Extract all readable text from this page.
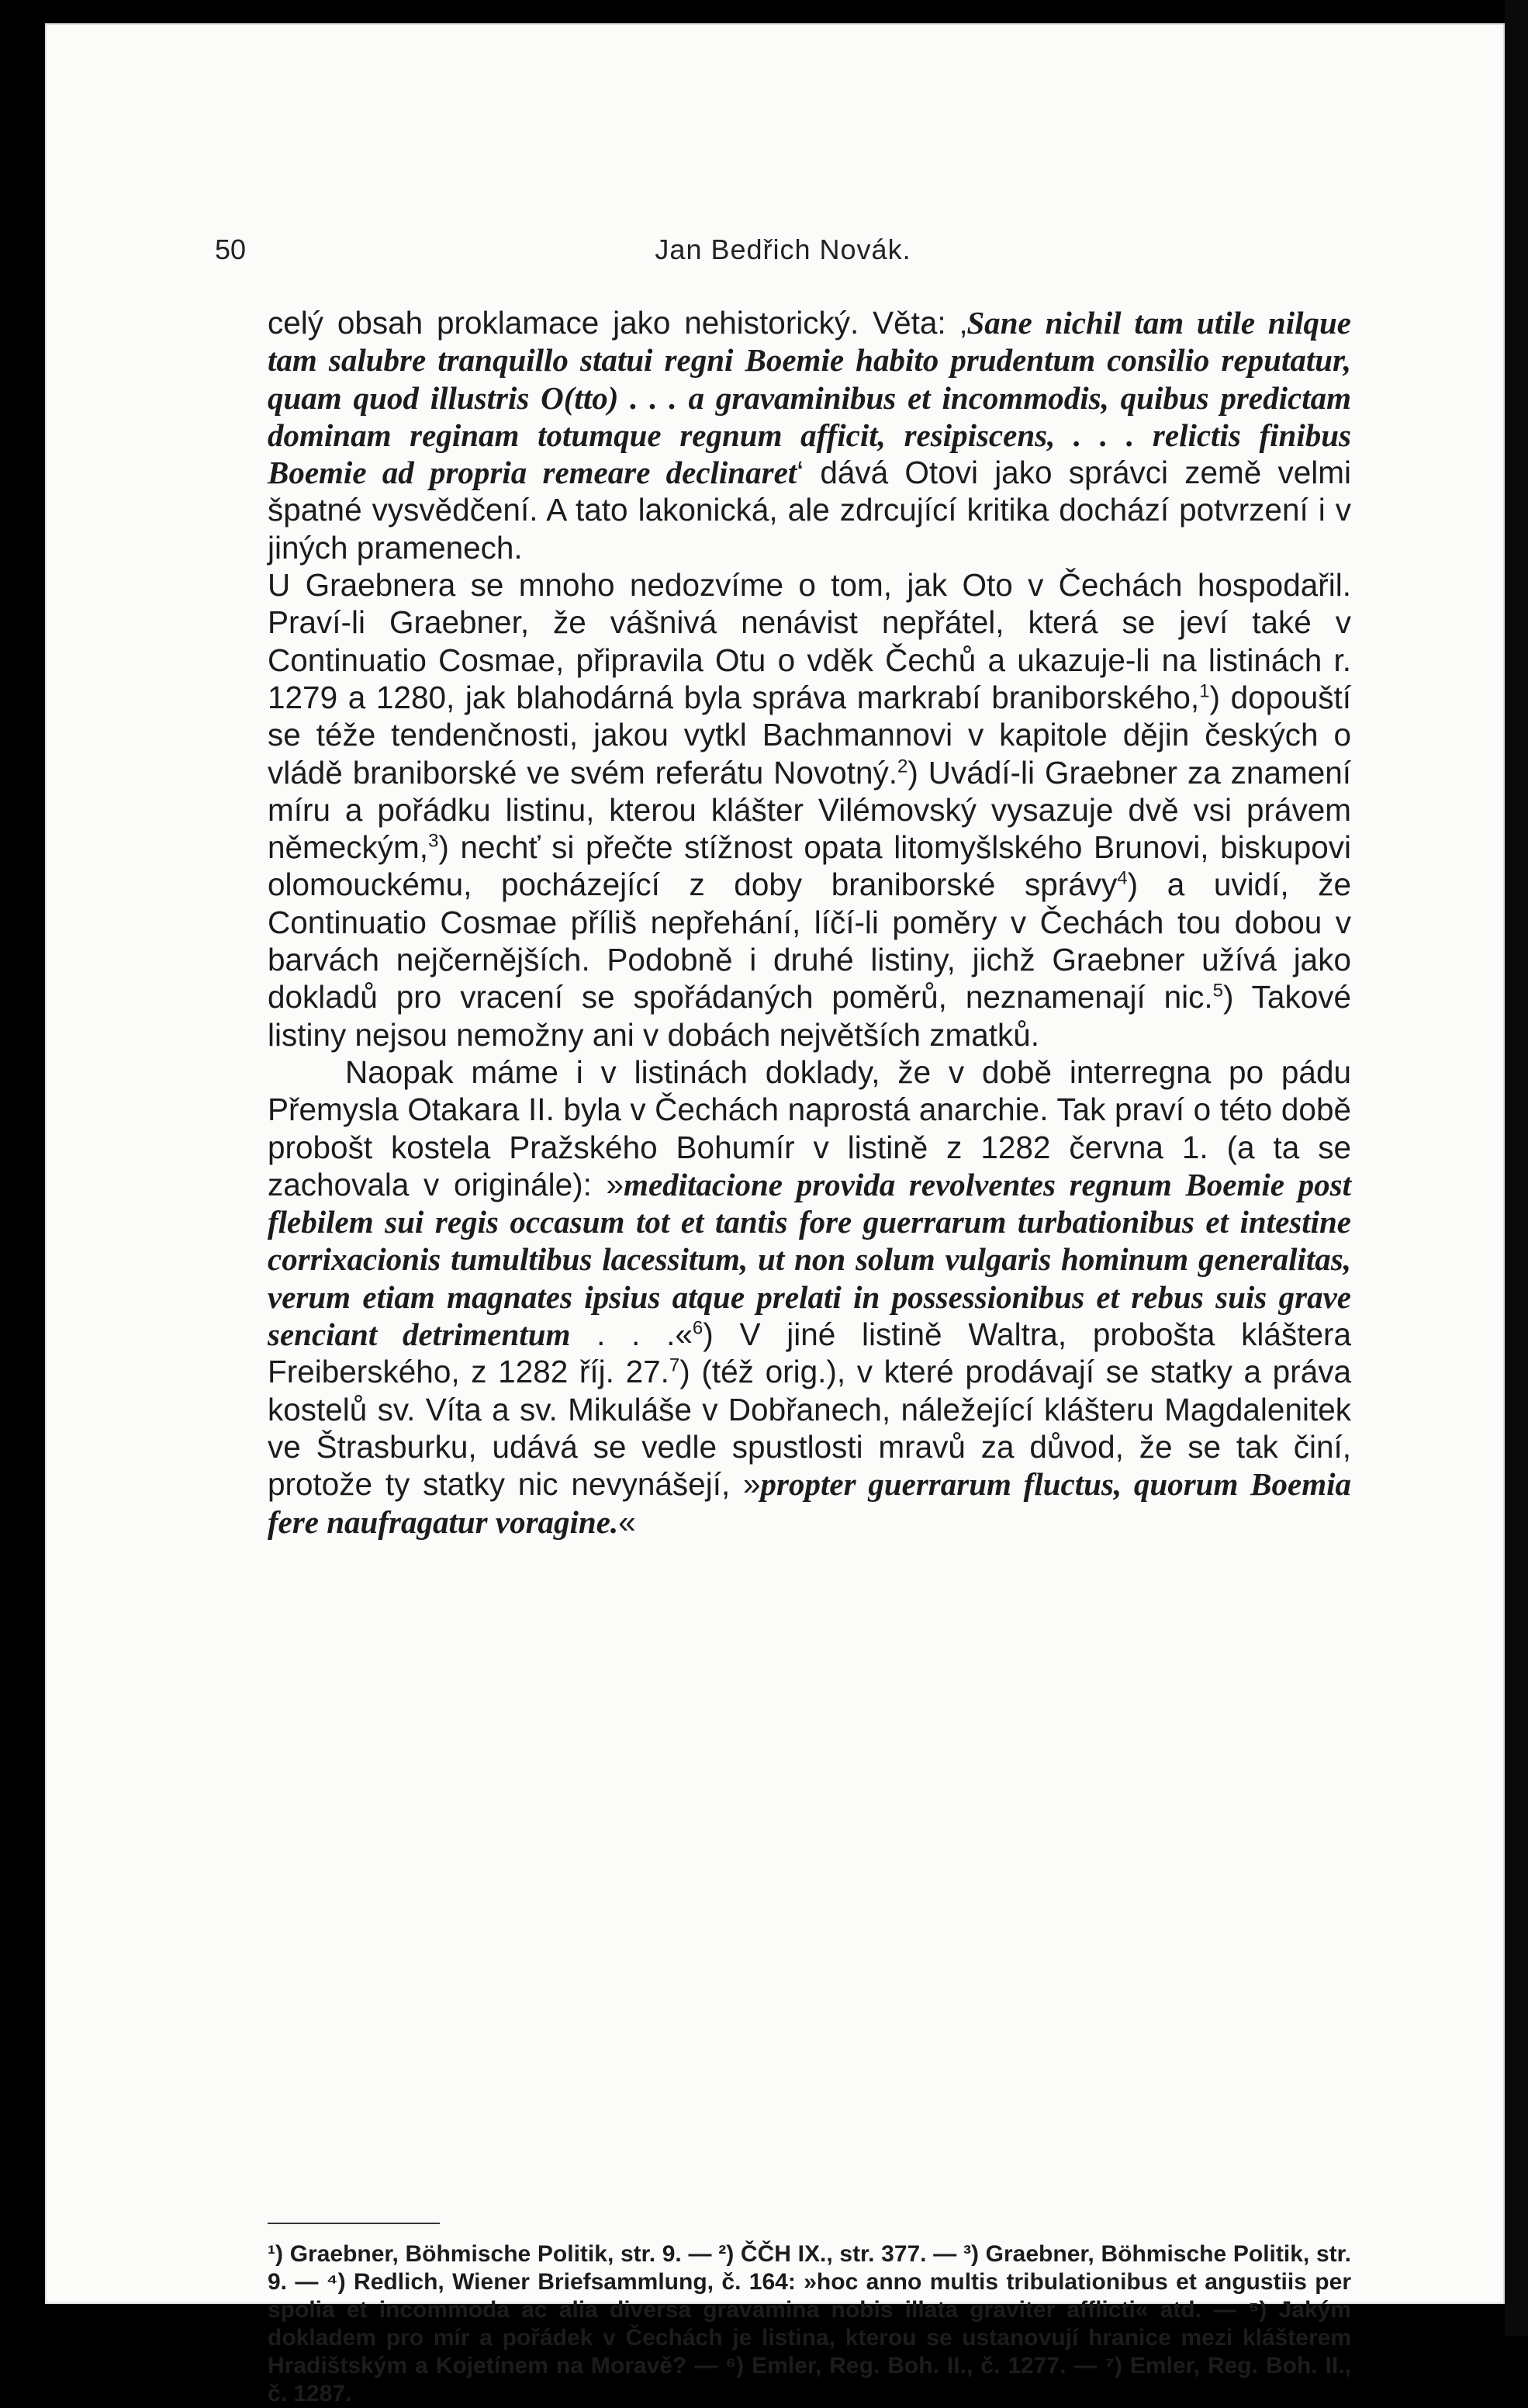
50	Jan Bedřich Novák.

celý obsah proklamace jako nehistorický. Věta: ‚Sane nichil tam utile nilque tam salubre tranquillo statui regni Boemie habito prudentum consilio reputatur, quam quod illustris O(tto) . . . a gravaminibus et incommodis, quibus predictam dominam reginam totumque regnum afficit, resipiscens, . . . relictis finibus Boemie ad propria remeare declinaret‘ dává Otovi jako správci země velmi špatné vysvědčení. A tato lakonická, ale zdrcující kritika dochází potvrzení i v jiných pramenech.

U Graebnera se mnoho nedozvíme o tom, jak Oto v Čechách hospodařil. Praví-li Graebner, že vášnivá nenávist nepřátel, která se jeví také v Continuatio Cosmae, připravila Otu o vděk Čechů a ukazuje-li na listinách r. 1279 a 1280, jak blahodárná byla správa markrabí braniborského,$^1$) dopouští se téže tendenčnosti, jakou vytkl Bachmannovi v kapitole dějin českých o vládě braniborské ve svém referátu Novotný.$^2$) Uvádí-li Graebner za znamení míru a pořádku listinu, kterou klášter Vilémovský vysazuje dvě vsi právem německým,$^3$) nechť si přečte stížnost opata litomyšlského Brunovi, biskupovi olomouckému, pocházející z doby braniborské správy$^4$) a uvidí, že Continuatio Cosmae příliš nepřehání, líčí-li poměry v Čechách tou dobou v barvách nejčernějších. Podobně i druhé listiny, jichž Graebner užívá jako dokladů pro vracení se spořádaných poměrů, neznamenají nic.$^5$) Takové listiny nejsou nemožny ani v dobách největších zmatků.

Naopak máme i v listinách doklady, že v době interregna po pádu Přemysla Otakara II. byla v Čechách naprostá anarchie. Tak praví o této době probošt kostela Pražského Bohumír v listině z 1282 června 1. (a ta se zachovala v originále): »meditacione provida revolventes regnum Boemie post flebilem sui regis occasum tot et tantis fore guerrarum turbationibus et intestine corrixacionis tumultibus lacessitum, ut non solum vulgaris hominum generalitas, verum etiam magnates ipsius atque prelati in possessionibus et rebus suis grave senciant detrimentum . . .«$^6$) V jiné listině Waltra, probošta kláštera Freiberského, z 1282 říj. 27.$^7$) (též orig.), v které prodávají se statky a práva kostelů sv. Víta a sv. Mikuláše v Dobřanech, náležející klášteru Magdalenitek ve Štrasburku, udává se vedle spustlosti mravů za důvod, že se tak činí, protože ty statky nic nevynášejí, »propter guerrarum fluctus, quorum Boemia fere naufragatur voragine.«

¹) Graebner, Böhmische Politik, str. 9. — ²) ČČH IX., str. 377. — ³) Graebner, Böhmische Politik, str. 9. — ⁴) Redlich, Wiener Briefsammlung, č. 164: »hoc anno multis tribulationibus et angustiis per spolia et incommoda ac alia diversa gravamina nobis illata graviter afflicti« atd. — ⁵) Jakým dokladem pro mír a pořádek v Čechách je listina, kterou se ustanovují hranice mezi klášterem Hradištským a Kojetínem na Moravě? — ⁶) Emler, Reg. Boh. II., č. 1277. — ⁷) Emler, Reg. Boh. II., č. 1287.
